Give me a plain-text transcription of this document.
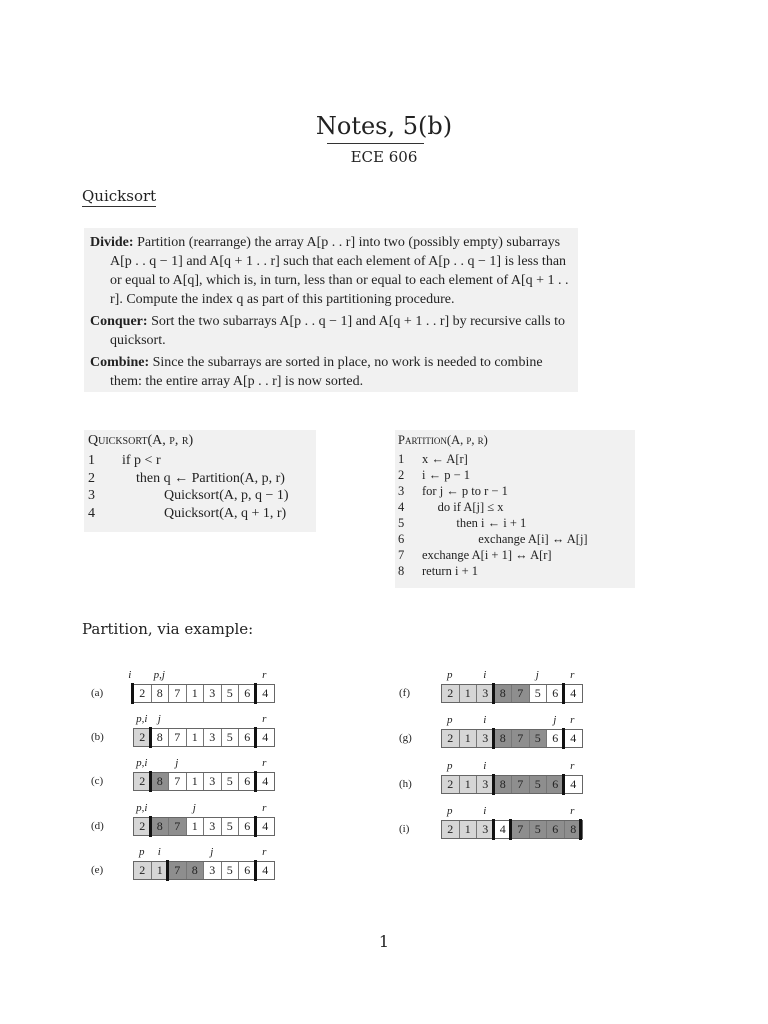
Notes, 5(b)
ECE 606
Quicksort
Divide: Partition (rearrange) the array A[p . . r] into two (possibly empty) subarrays A[p . . q − 1] and A[q + 1 . . r] such that each element of A[p . . q − 1] is less than or equal to A[q], which is, in turn, less than or equal to each element of A[q + 1 . . r]. Compute the index q as part of this partitioning procedure.
Conquer: Sort the two subarrays A[p . . q − 1] and A[q + 1 . . r] by recursive calls to quicksort.
Combine: Since the subarrays are sorted in place, no work is needed to combine them: the entire array A[p . . r] is now sorted.
Quicksort(A, p, r)
1 if p < r
2    then q ← Partition(A, p, r)
3            Quicksort(A, p, q − 1)
4            Quicksort(A, q + 1, r)
Partition(A, p, r)
1 x ← A[r]
2 i ← p − 1
3 for j ← p to r − 1
4     do if A[j] ≤ x
5           then i ← i + 1
6                  exchange A[i] ↔ A[j]
7 exchange A[i + 1] ↔ A[r]
8 return i + 1
Partition, via example:
(a)
i	p,j	r
2 8 7 1 3 5 6	4
(b)
p,i j	r
2 8 7 1 3 5 6	4
(c)
p,i	j	r
2 8 7 1 3 5 6	4
(d)
p,i	j	r
2 8 7 1 3 5 6	4
(e)
p	i	j	r
2 1 7 8 3 5 6	4
(f)
p	i	j	r
2 1 3 8 7 5 6	4
(g)
p	i	j	r
2 1 3 8 7 5 6	4
(h)
p	i	r
2 1 3 8 7 5 6	4
(i)
p	i	r
2 1 3 4 7 5 6	8
1
